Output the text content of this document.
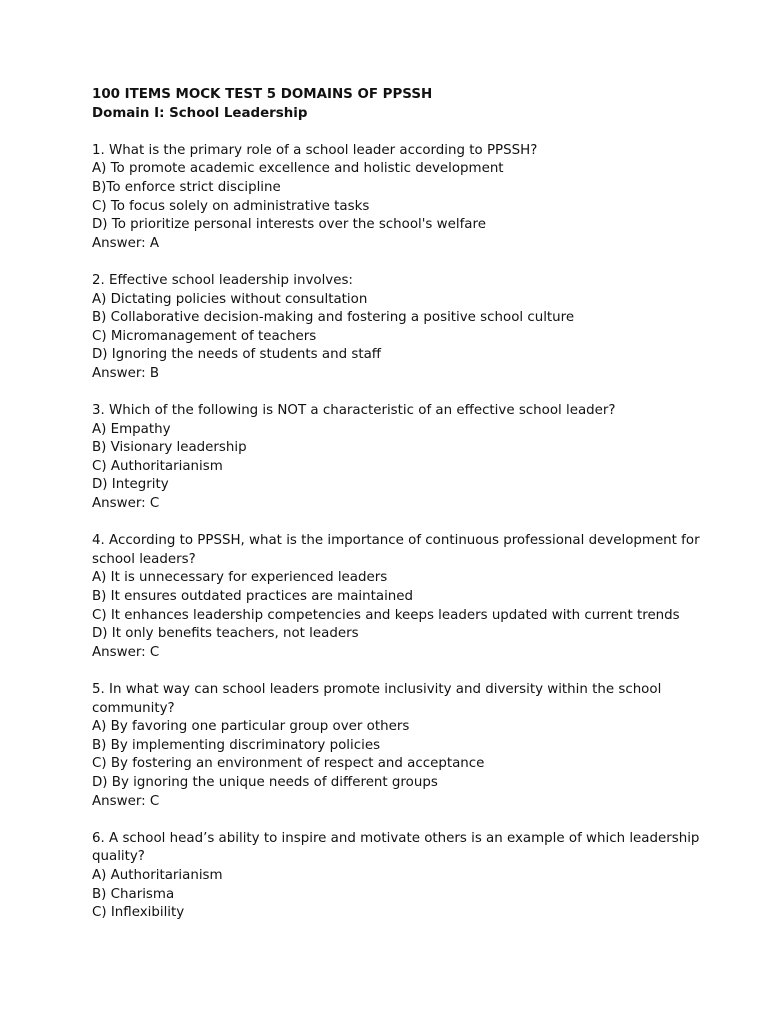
100 ITEMS MOCK TEST 5 DOMAINS OF PPSSH

Domain I: School Leadership

1. What is the primary role of a school leader according to PPSSH?

A) To promote academic excellence and holistic development

B)To enforce strict discipline

C) To focus solely on administrative tasks

D) To prioritize personal interests over the school's welfare

Answer: A

2. Effective school leadership involves:

A) Dictating policies without consultation

B) Collaborative decision-making and fostering a positive school culture

C) Micromanagement of teachers

D) Ignoring the needs of students and staff

Answer: B

3. Which of the following is NOT a characteristic of an effective school leader?

A) Empathy

B) Visionary leadership

C) Authoritarianism

D) Integrity

Answer: C

4. According to PPSSH, what is the importance of continuous professional development for

school leaders?

A) It is unnecessary for experienced leaders

B) It ensures outdated practices are maintained

C) It enhances leadership competencies and keeps leaders updated with current trends

D) It only benefits teachers, not leaders

Answer: C

5. In what way can school leaders promote inclusivity and diversity within the school

community?

A) By favoring one particular group over others

B) By implementing discriminatory policies

C) By fostering an environment of respect and acceptance

D) By ignoring the unique needs of different groups

Answer: C

6. A school head’s ability to inspire and motivate others is an example of which leadership

quality?

A) Authoritarianism

B) Charisma

C) Inflexibility
